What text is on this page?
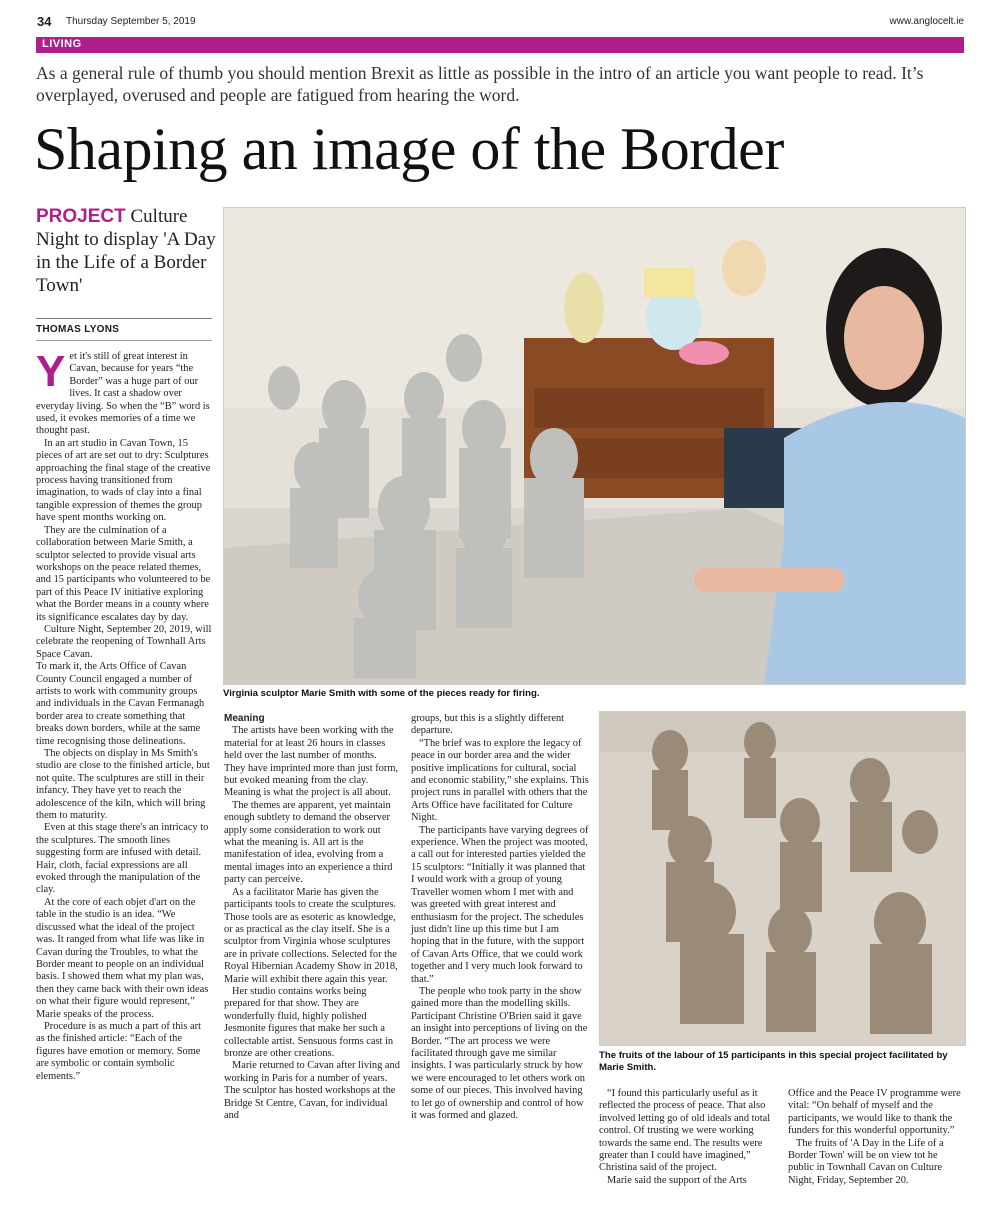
34 Thursday September 5, 2019	www.anglocelt.ie
LIVING
As a general rule of thumb you should mention Brexit as little as possible in the intro of an article you want people to read. It’s overplayed, overused and people are fatigued from hearing the word.
Shaping an image of the Border
PROJECT Culture Night to display 'A Day in the Life of a Border Town'
THOMAS LYONS
Virginia sculptor Marie Smith with some of the pieces ready for firing.
The fruits of the labour of 15 participants in this special project facilitated by Marie Smith.
Y et it's still of great interest in Cavan, because for years “the Border” was a huge part of our lives. It cast a shadow over everyday living. So when the “B” word is used, it evokes memories of a time we thought past.

In an art studio in Cavan Town, 15 pieces of art are set out to dry: Sculptures approaching the final stage of the creative process having transitioned from imagination, to wads of clay into a final tangible expression of themes the group have spent months working on.

They are the culmination of a collaboration between Marie Smith, a sculptor selected to provide visual arts workshops on the peace related themes, and 15 participants who volunteered to be part of this Peace IV initiative exploring what the Border means in a county where its significance escalates day by day.

Culture Night, September 20, 2019, will celebrate the reopening of Townhall Arts Space Cavan.

To mark it, the Arts Office of Cavan County Council engaged a number of artists to work with community groups and individuals in the Cavan Fermanagh border area to create something that breaks down borders, while at the same time recognising those delineations.

The objects on display in Ms Smith's studio are close to the finished article, but not quite. The sculptures are still in their infancy. They have yet to reach the adolescence of the kiln, which will bring them to maturity.

Even at this stage there's an intricacy to the sculptures. The smooth lines suggesting form are infused with detail. Hair, cloth, facial expressions are all evoked through the manipulation of the clay.

At the core of each objet d'art on the table in the studio is an idea. “We discussed what the ideal of the project was. It ranged from what life was like in Cavan during the Troubles, to what the Border meant to people on an individual basis. I showed them what my plan was, then they came back with their own ideas on what their figure would represent,” Marie speaks of the process.

Procedure is as much a part of this art as the finished article: “Each of the figures have emotion or memory. Some are symbolic or contain symbolic elements.”

Meaning

The artists have been working with the material for at least 26 hours in classes held over the last number of months. They have imprinted more than just form, but evoked meaning from the clay. Meaning is what the project is all about.

The themes are apparent, yet maintain enough subtlety to demand the observer apply some consideration to work out what the meaning is. All art is the manifestation of idea, evolving from a mental images into an experience a third party can perceive.

As a facilitator Marie has given the participants tools to create the sculptures. Those tools are as esoteric as knowledge, or as practical as the clay itself. She is a sculptor from Virginia whose sculptures are in private collections. Selected for the Royal Hibernian Academy Show in 2018, Marie will exhibit there again this year.

Her studio contains works being prepared for that show. They are wonderfully fluid, highly polished Jesmonite figures that make her such a collectable artist. Sensuous forms cast in bronze are other creations.

Marie returned to Cavan after living and working in Paris for a number of years. The sculptor has hosted workshops at the Bridge St Centre, Cavan, for individual and

groups, but this is a slightly different departure.

“The brief was to explore the legacy of peace in our border area and the wider positive implications for cultural, social and economic stability,” she explains. This project runs in parallel with others that the Arts Office have facilitated for Culture Night.

The participants have varying degrees of experience. When the project was mooted, a call out for interested parties yielded the 15 sculptors: “Initially it was planned that I would work with a group of young Traveller women whom I met with and was greeted with great interest and enthusiasm for the project. The schedules just didn't line up this time but I am hoping that in the future, with the support of Cavan Arts Office, that we could work together and I very much look forward to that.”

The people who took party in the show gained more than the modelling skills. Participant Christine O'Brien said it gave an insight into perceptions of living on the Border. “The art process we were facilitated through gave me similar insights. I was particularly struck by how we were encouraged to let others work on some of our pieces. This involved having to let go of ownership and control of how it was formed and glazed.

“I found this particularly useful as it reflected the process of peace. That also involved letting go of old ideals and total control. Of trusting we were working towards the same end. The results were greater than I could have imagined,” Christina said of the project.

Marie said the support of the Arts

Office and the Peace IV programme were vital: “On behalf of myself and the participants, we would like to thank the funders for this wonderful opportunity.”

The fruits of 'A Day in the Life of a Border Town' will be on view tot he public in Townhall Cavan on Culture Night, Friday, September 20.
